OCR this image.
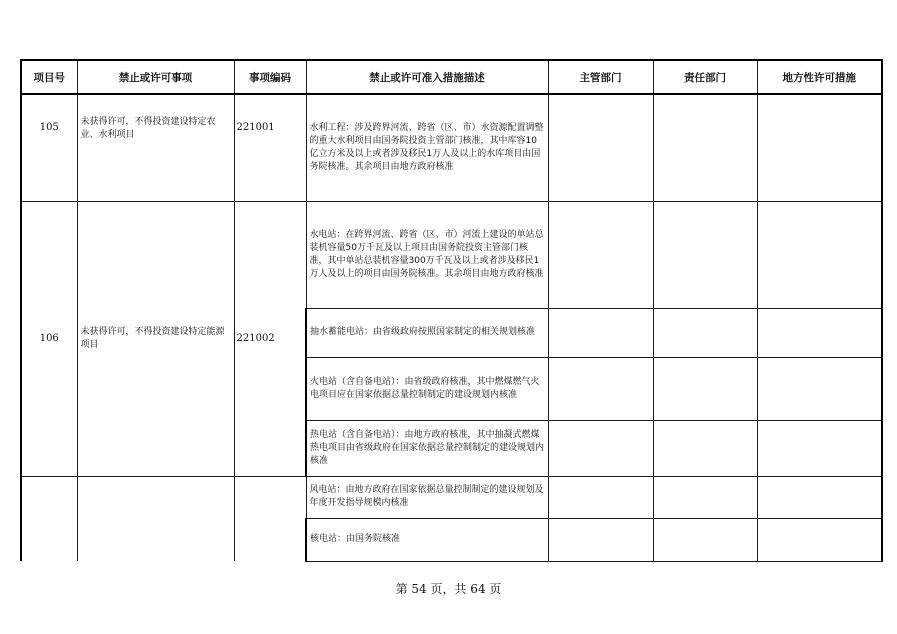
项目号	禁止或许可事项	事项编码	禁止或许可准入措施描述	主管部门	责任部门	地方性许可措施
105	未获得许可，不得投资建设特定农业、水利项目	221001	水利工程：涉及跨界河流、跨省（区、市）水资源配置调整的重大水利项目由国务院投资主管部门核准，其中库容10亿立方米及以上或者涉及移民1万人及以上的水库项目由国务院核准。其余项目由地方政府核准			
106	未获得许可，不得投资建设特定能源项目	221002	水电站：在跨界河流、跨省（区、市）河流上建设的单站总装机容量50万千瓦及以上项目由国务院投资主管部门核准，其中单站总装机容量300万千瓦及以上或者涉及移民1万人及以上的项目由国务院核准。其余项目由地方政府核准			
			抽水蓄能电站：由省级政府按照国家制定的相关规划核准			
			火电站（含自备电站）：由省级政府核准，其中燃煤燃气火电项目应在国家依据总量控制制定的建设规划内核准			
			热电站（含自备电站）：由地方政府核准，其中抽凝式燃煤热电项目由省级政府在国家依据总量控制制定的建设规划内核准			
			风电站：由地方政府在国家依据总量控制制定的建设规划及年度开发指导规模内核准			
			核电站：由国务院核准			
第 54 页，共 64 页
